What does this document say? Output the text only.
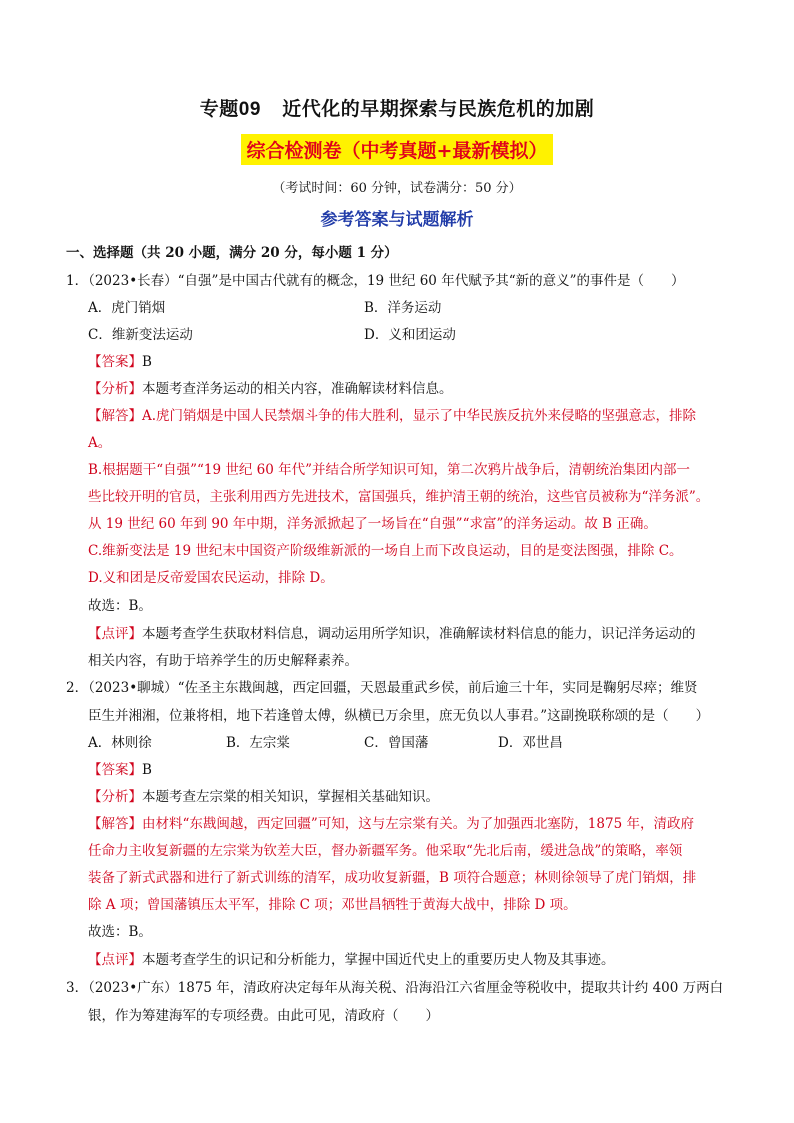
专题09 近代化的早期探索与民族危机的加剧
综合检测卷（中考真题+最新模拟）
（考试时间：60 分钟，试卷满分：50 分）
参考答案与试题解析
一、选择题（共 20 小题，满分 20 分，每小题 1 分）
1．（2023•长春）“自强”是中国古代就有的概念，19 世纪 60 年代赋予其“新的意义”的事件是（　　）
A．虎门销烟	B．洋务运动
C．维新变法运动	D．义和团运动
【答案】B
【分析】本题考查洋务运动的相关内容，准确解读材料信息。
【解答】A.虎门销烟是中国人民禁烟斗争的伟大胜利，显示了中华民族反抗外来侵略的坚强意志，排除
A。
B.根据题干“自强”“19 世纪 60 年代”并结合所学知识可知，第二次鸦片战争后，清朝统治集团内部一
些比较开明的官员，主张利用西方先进技术，富国强兵，维护清王朝的统治，这些官员被称为“洋务派”。
从 19 世纪 60 年到 90 年中期，洋务派掀起了一场旨在“自强”“求富”的洋务运动。故 B 正确。
C.维新变法是 19 世纪末中国资产阶级维新派的一场自上而下改良运动，目的是变法图强，排除 C。
D.义和团是反帝爱国农民运动，排除 D。
故选：B。
【点评】本题考查学生获取材料信息，调动运用所学知识，准确解读材料信息的能力，识记洋务运动的
相关内容，有助于培养学生的历史解释素养。
2．（2023•聊城）“佐圣主东戡闽越，西定回疆，天恩最重武乡侯，前后逾三十年，实同是鞠躬尽瘁；维贤
臣生并湘湘，位兼将相，地下若逢曾太傅，纵横已万余里，庶无负以人事君。”这副挽联称颂的是（　　）
A．林则徐	B．左宗棠	C．曾国藩	D．邓世昌
【答案】B
【分析】本题考查左宗棠的相关知识，掌握相关基础知识。
【解答】由材料“东戡闽越，西定回疆”可知，这与左宗棠有关。为了加强西北塞防，1875 年，清政府
任命力主收复新疆的左宗棠为钦差大臣，督办新疆军务。他采取“先北后南，缓进急战”的策略，率领
装备了新式武器和进行了新式训练的清军，成功收复新疆，B 项符合题意；林则徐领导了虎门销烟，排
除 A 项；曾国藩镇压太平军，排除 C 项；邓世昌牺牲于黄海大战中，排除 D 项。
故选：B。
【点评】本题考查学生的识记和分析能力，掌握中国近代史上的重要历史人物及其事迹。
3．（2023•广东）1875 年，清政府决定每年从海关税、沿海沿江六省厘金等税收中，提取共计约 400 万两白
银，作为筹建海军的专项经费。由此可见，清政府（　　）
